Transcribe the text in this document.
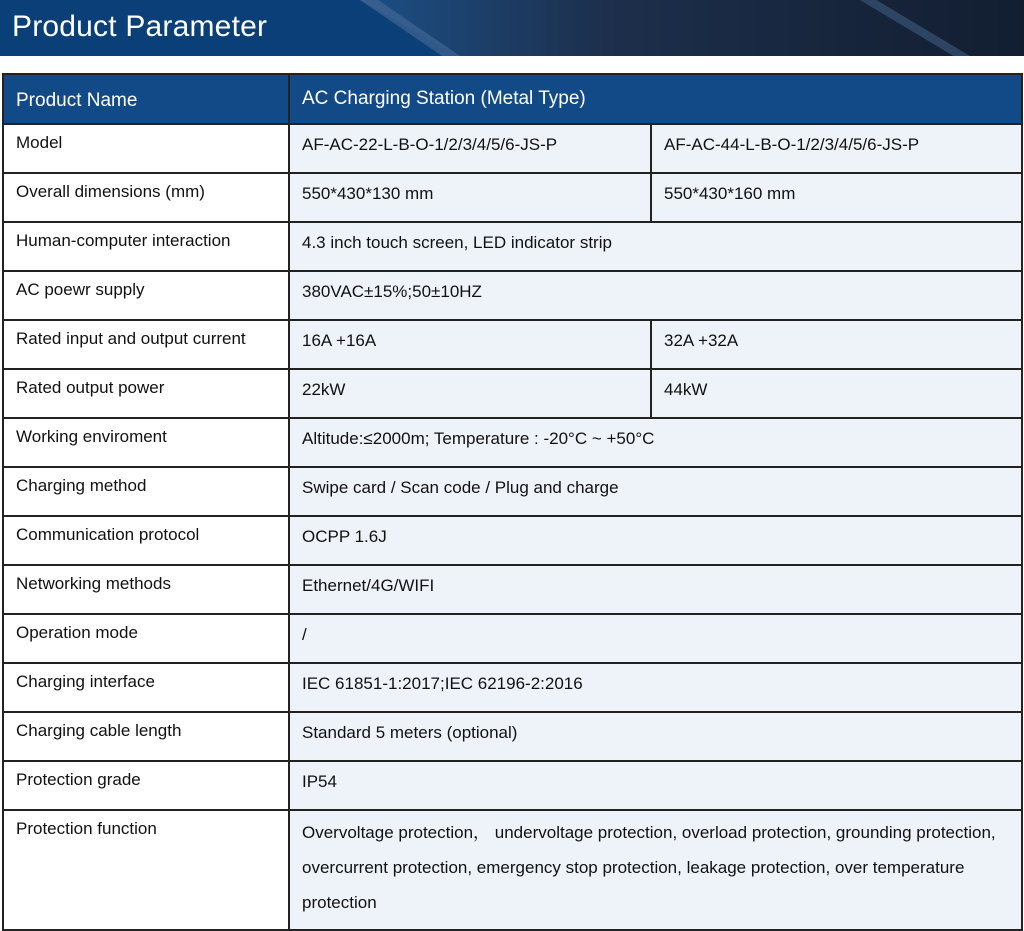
Product Parameter
Product Name	AC Charging Station (Metal Type)	
Model	AF-AC-22-L-B-O-1/2/3/4/5/6-JS-P	AF-AC-44-L-B-O-1/2/3/4/5/6-JS-P
Overall dimensions (mm)	550*430*130 mm	550*430*160 mm
Human-computer interaction	4.3 inch touch screen, LED indicator strip	
AC poewr supply	380VAC±15%;50±10HZ	
Rated input and output current	16A +16A	32A +32A
Rated output power	22kW	44kW
Working enviroment	Altitude:≤2000m; Temperature : -20°C ~ +50°C	
Charging method	Swipe card / Scan code / Plug and charge	
Communication protocol	OCPP 1.6J	
Networking methods	Ethernet/4G/WIFI	
Operation mode	/	
Charging interface	IEC 61851-1:2017;IEC 62196-2:2016	
Charging cable length	Standard 5 meters (optional)	
Protection grade	IP54	
Protection function	Overvoltage protection， undervoltage protection, overload protection, grounding protection, overcurrent protection, emergency stop protection, leakage protection, over temperature protection	
